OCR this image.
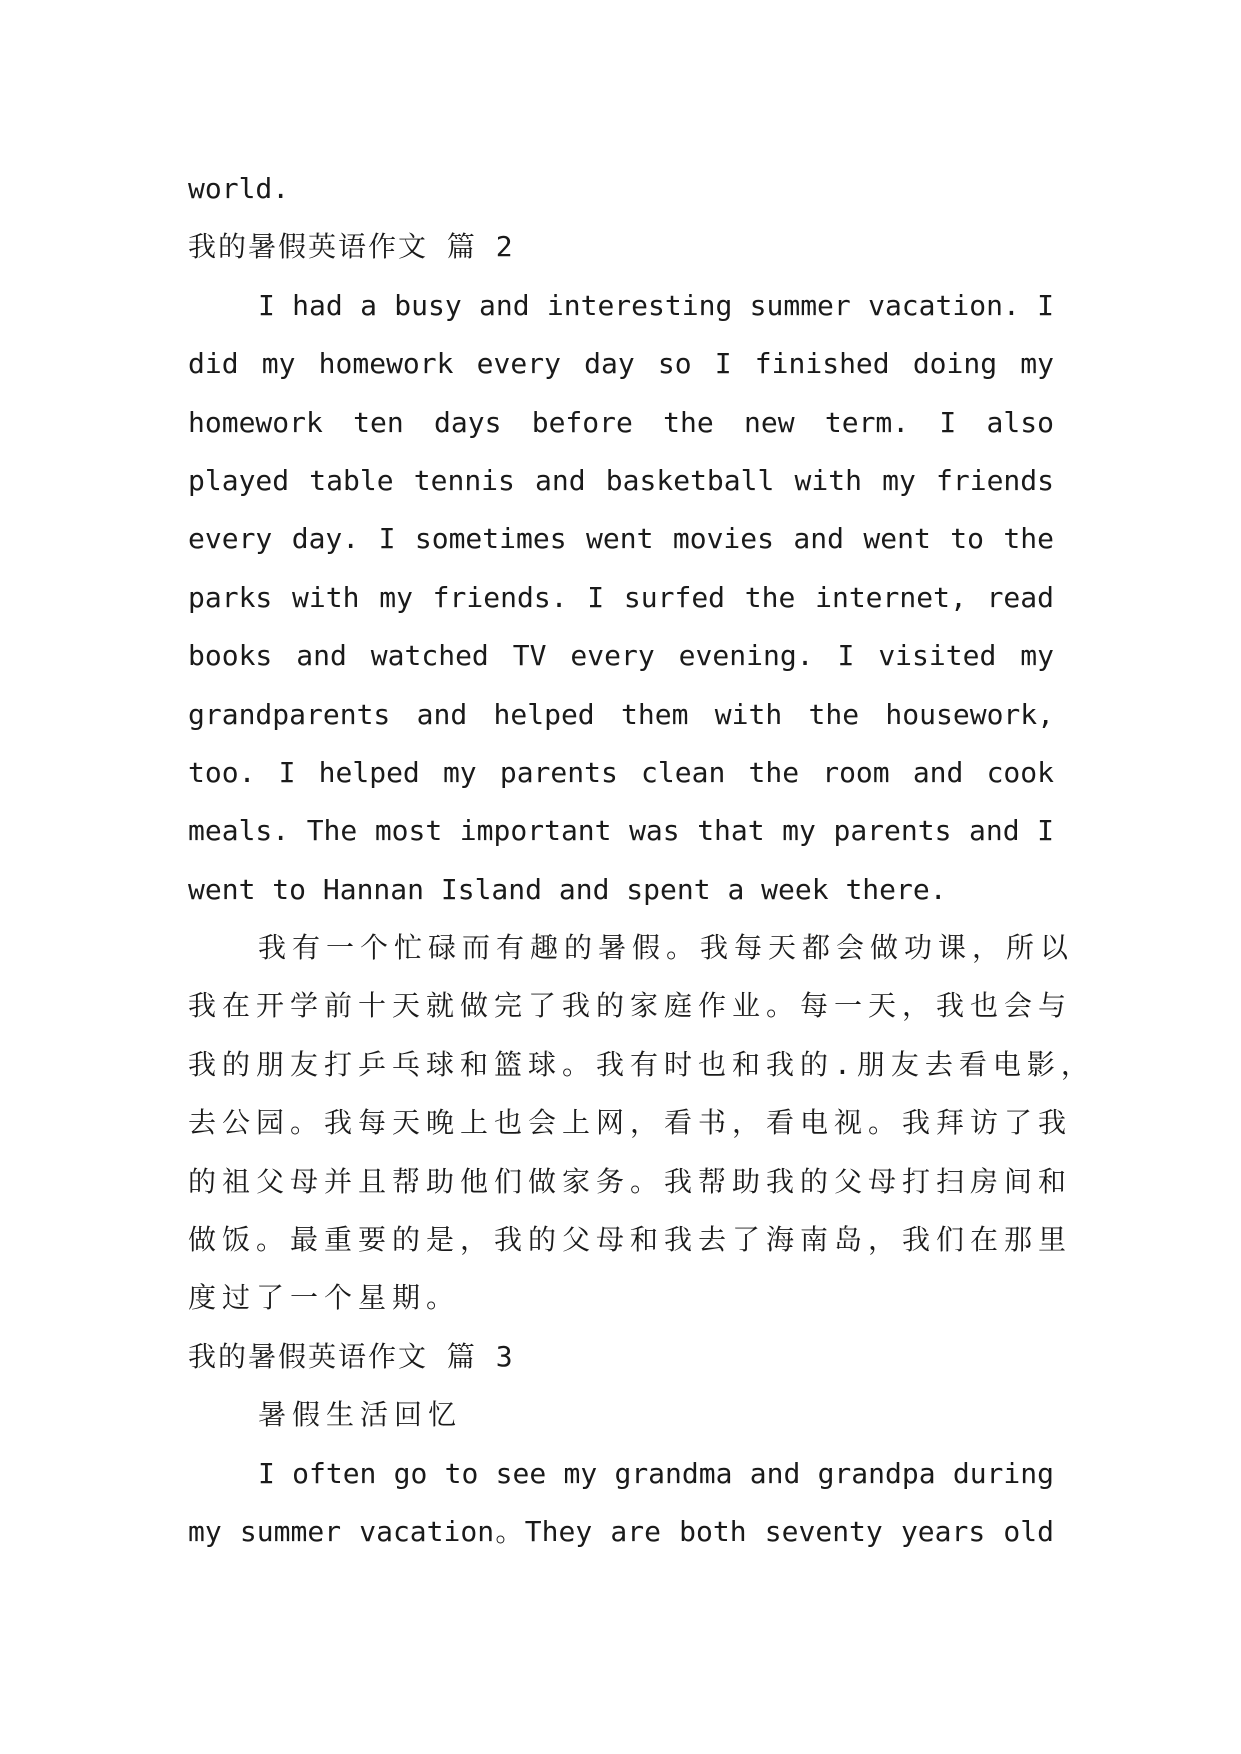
world.
我的暑假英语作文 篇 2
I had a busy and interesting summer vacation. I
did my homework every day so I finished doing my
homework ten days before the new term. I also
played table tennis and basketball with my friends
every day. I sometimes went movies and went to the
parks with my friends. I surfed the internet, read
books and watched TV every evening. I visited my
grandparents and helped them with the housework,
too. I helped my parents clean the room and cook
meals. The most important was that my parents and I
went to Hannan Island and spent a week there.
我有一个忙碌而有趣的暑假。我每天都会做功课，所以
我在开学前十天就做完了我的家庭作业。每一天，我也会与
我的朋友打乒乓球和篮球。我有时也和我的.朋友去看电影，
去公园。我每天晚上也会上网，看书，看电视。我拜访了我
的祖父母并且帮助他们做家务。我帮助我的父母打扫房间和
做饭。最重要的是，我的父母和我去了海南岛，我们在那里
度过了一个星期。
我的暑假英语作文 篇 3
暑假生活回忆
I often go to see my grandma and grandpa during
my summer vacation。They are both seventy years old
